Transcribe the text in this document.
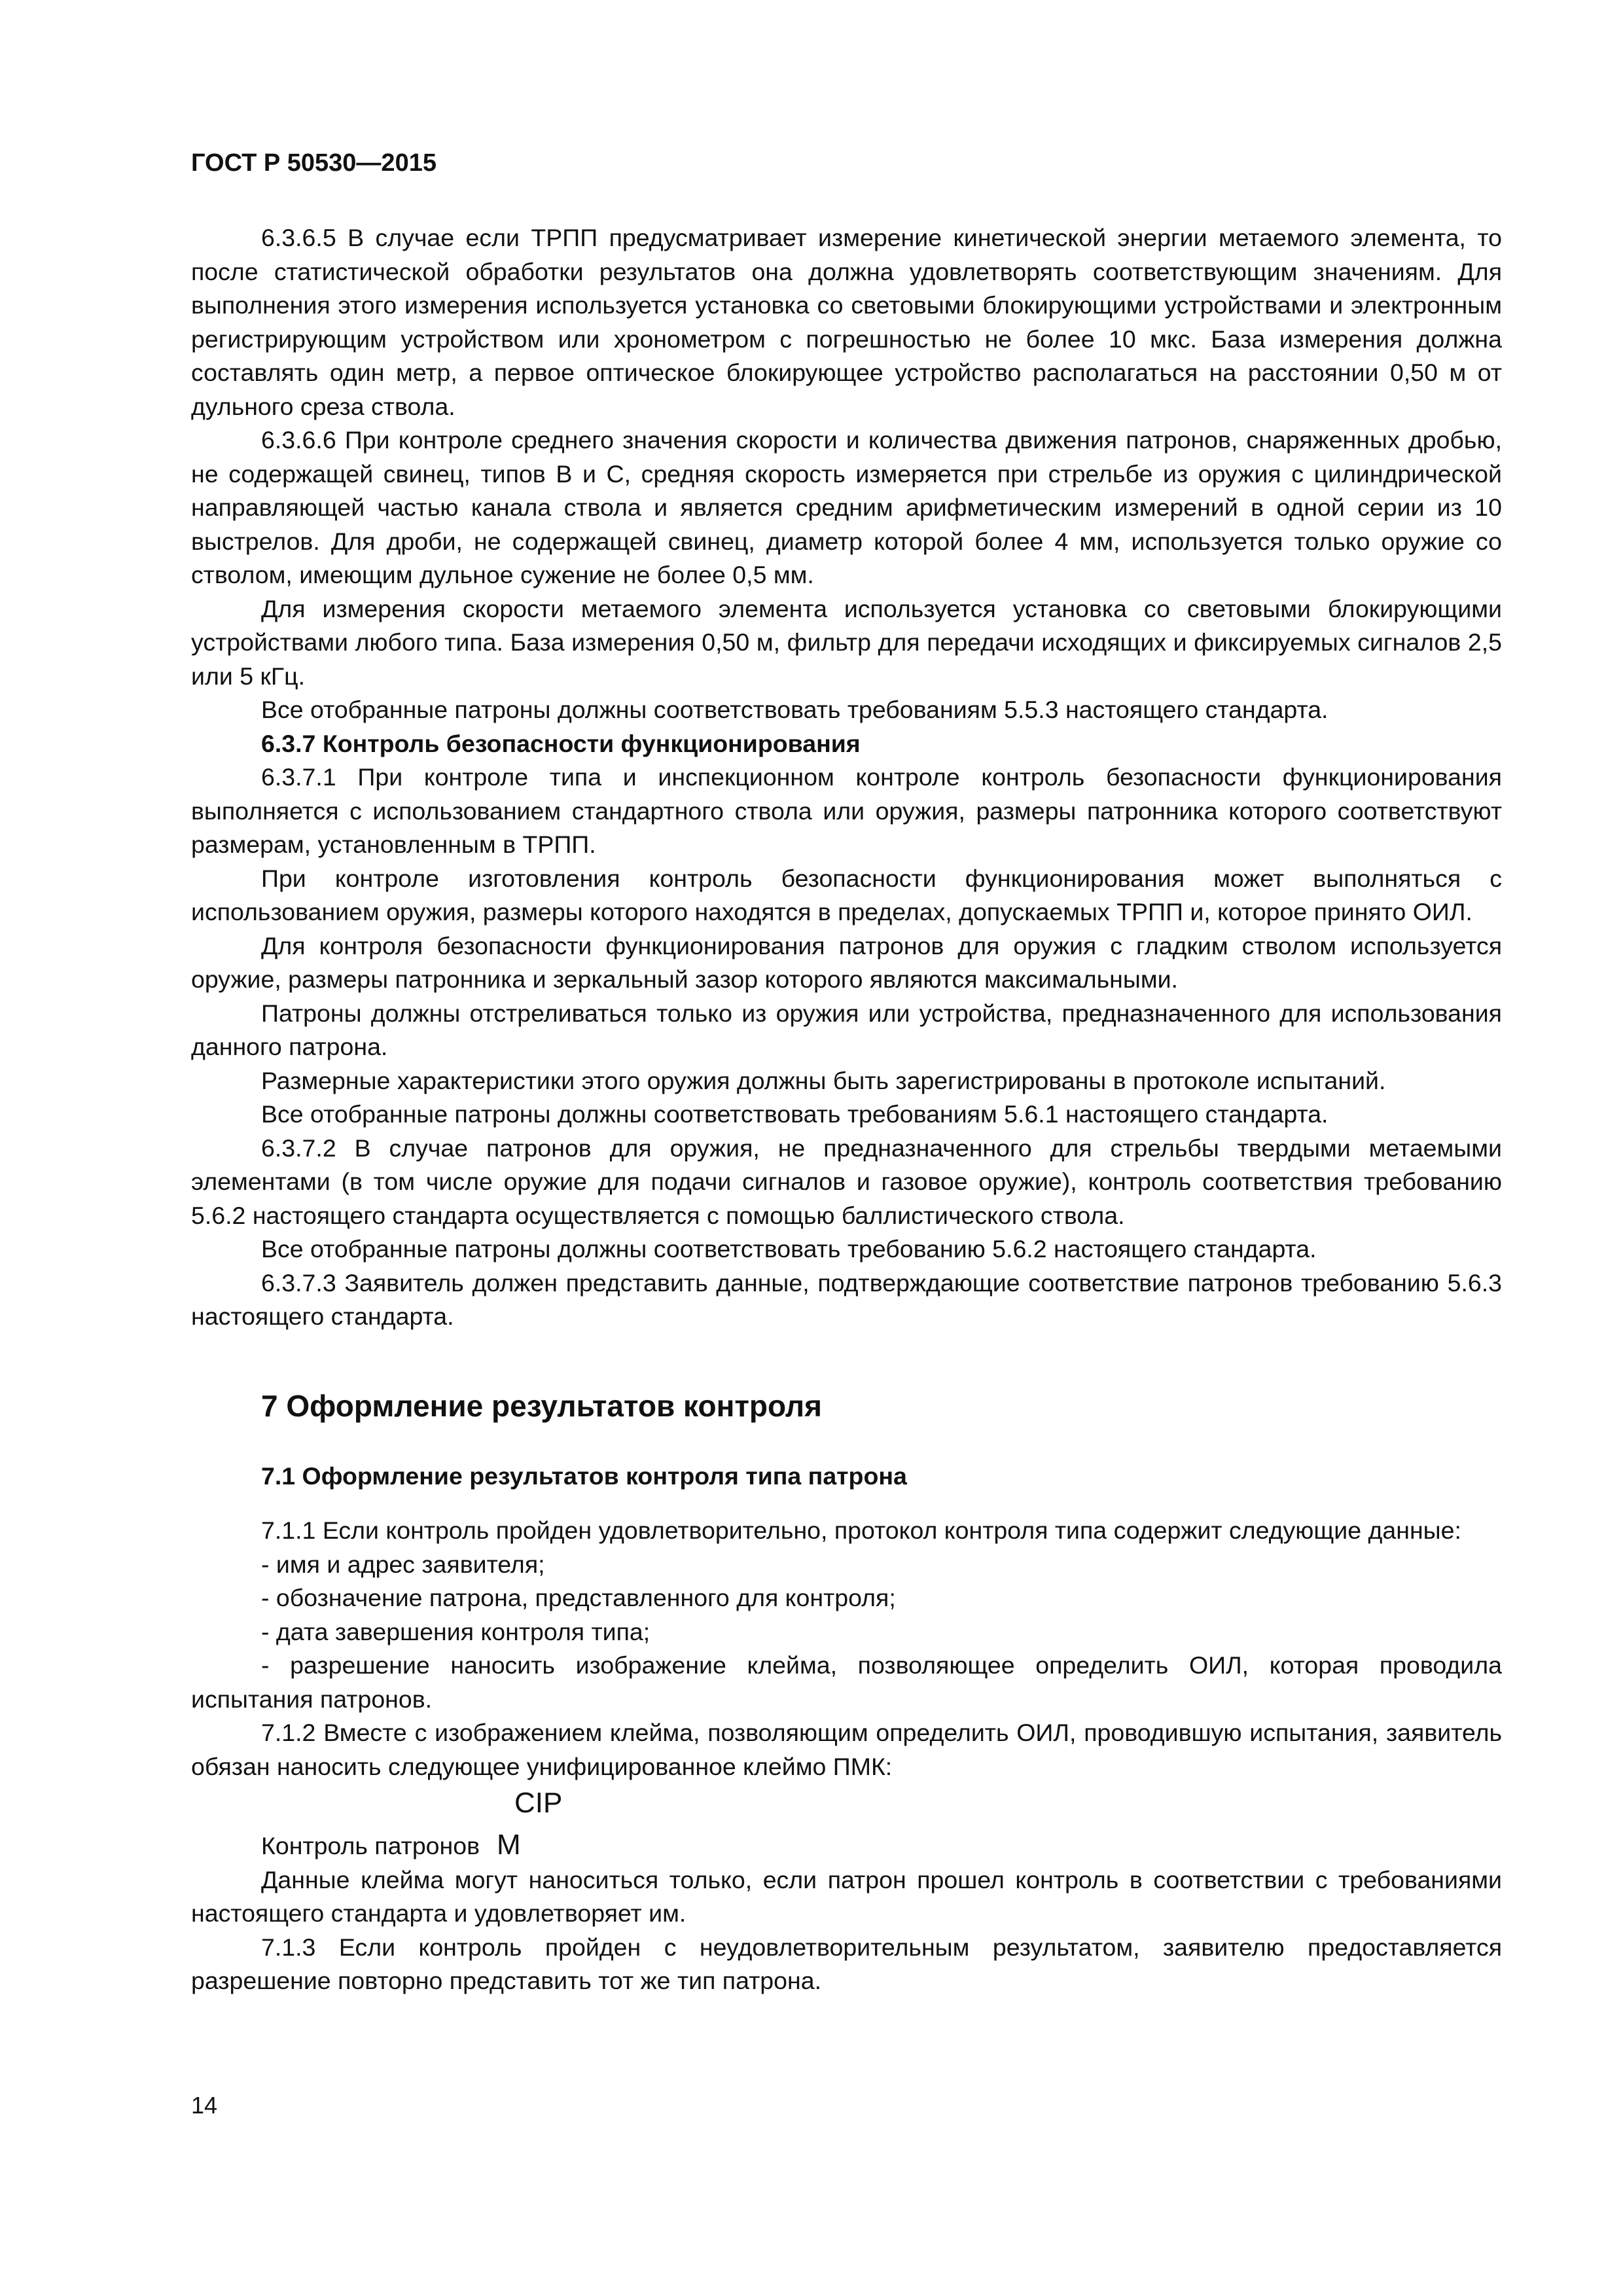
ГОСТ Р 50530—2015

6.3.6.5 В случае если ТРПП предусматривает измерение кинетической энергии метаемого элемента, то после статистической обработки результатов она должна удовлетворять соответствующим значениям. Для выполнения этого измерения используется установка со световыми блокирующими устройствами и электронным регистрирующим устройством или хронометром с погрешностью не более 10 мкс. База измерения должна составлять один метр, а первое оптическое блокирующее устройство располагаться на расстоянии 0,50 м от дульного среза ствола.

6.3.6.6 При контроле среднего значения скорости и количества движения патронов, снаряженных дробью, не содержащей свинец, типов В и С, средняя скорость измеряется при стрельбе из оружия с цилиндрической направляющей частью канала ствола и является средним арифметическим измерений в одной серии из 10 выстрелов. Для дроби, не содержащей свинец, диаметр которой более 4 мм, используется только оружие со стволом, имеющим дульное сужение не более 0,5 мм.

Для измерения скорости метаемого элемента используется установка со световыми блокирующими устройствами любого типа. База измерения 0,50 м, фильтр для передачи исходящих и фиксируемых сигналов 2,5 или 5 кГц.

Все отобранные патроны должны соответствовать требованиям 5.5.3 настоящего стандарта.

6.3.7 Контроль безопасности функционирования

6.3.7.1 При контроле типа и инспекционном контроле контроль безопасности функционирования выполняется с использованием стандартного ствола или оружия, размеры патронника которого соответствуют размерам, установленным в ТРПП.

При контроле изготовления контроль безопасности функционирования может выполняться с использованием оружия, размеры которого находятся в пределах, допускаемых ТРПП и, которое принято ОИЛ.

Для контроля безопасности функционирования патронов для оружия с гладким стволом используется оружие, размеры патронника и зеркальный зазор которого являются максимальными.

Патроны должны отстреливаться только из оружия или устройства, предназначенного для использования данного патрона.

Размерные характеристики этого оружия должны быть зарегистрированы в протоколе испытаний.

Все отобранные патроны должны соответствовать требованиям 5.6.1 настоящего стандарта.

6.3.7.2 В случае патронов для оружия, не предназначенного для стрельбы твердыми метаемыми элементами (в том числе оружие для подачи сигналов и газовое оружие), контроль соответствия требованию 5.6.2 настоящего стандарта осуществляется с помощью баллистического ствола.

Все отобранные патроны должны соответствовать требованию 5.6.2 настоящего стандарта.

6.3.7.3 Заявитель должен представить данные, подтверждающие соответствие патронов требованию 5.6.3 настоящего стандарта.

7 Оформление результатов контроля

7.1 Оформление результатов контроля типа патрона

7.1.1 Если контроль пройден удовлетворительно, протокол контроля типа содержит следующие данные:

- имя и адрес заявителя;

- обозначение патрона, представленного для контроля;

- дата завершения контроля типа;

- разрешение наносить изображение клейма, позволяющее определить ОИЛ, которая проводила испытания патронов.

7.1.2 Вместе с изображением клейма, позволяющим определить ОИЛ, проводившую испытания, заявитель обязан наносить следующее унифицированное клеймо ПМК:

CIP

Контроль патронов M

Данные клейма могут наноситься только, если патрон прошел контроль в соответствии с требованиями настоящего стандарта и удовлетворяет им.

7.1.3 Если контроль пройден с неудовлетворительным результатом, заявителю предоставляется разрешение повторно представить тот же тип патрона.

14
